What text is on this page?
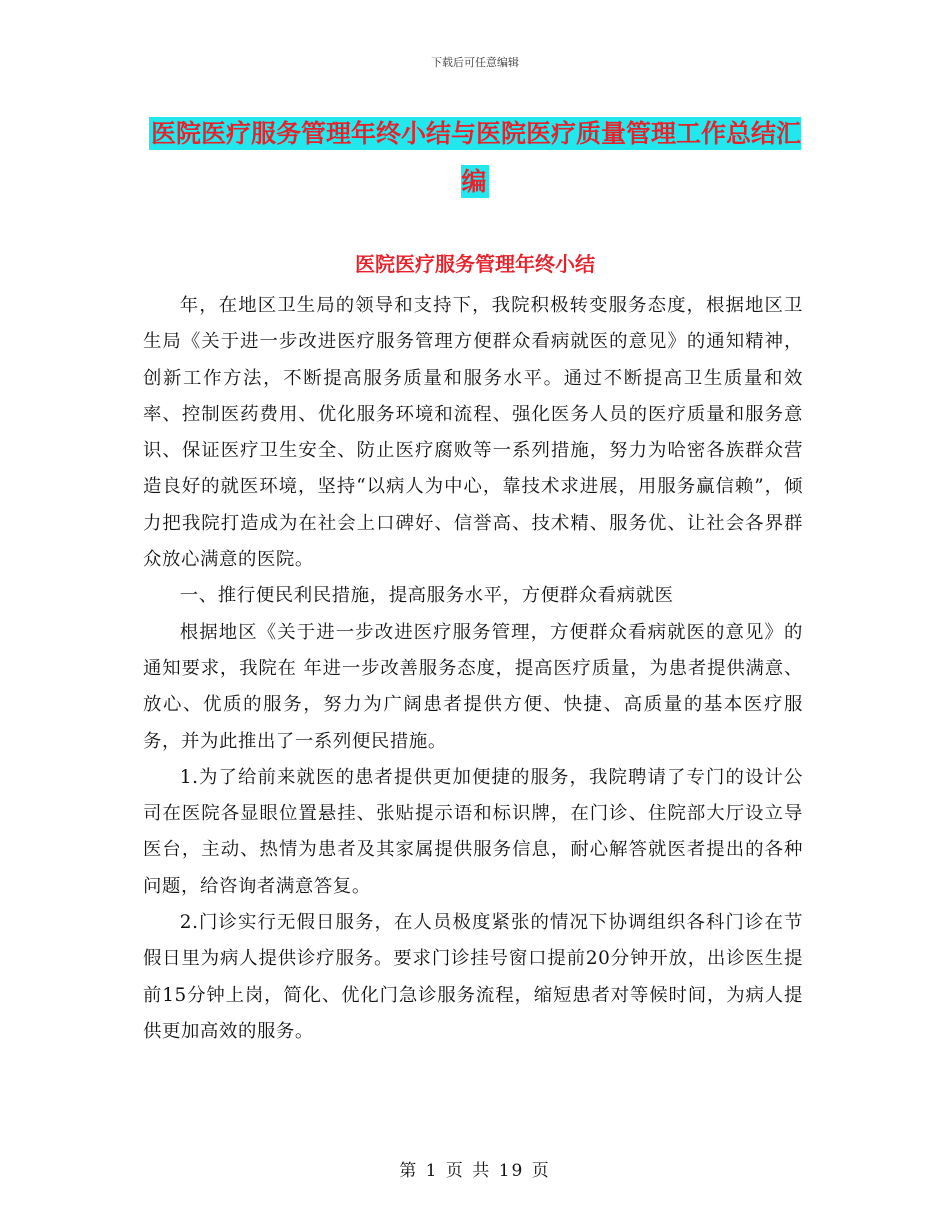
下载后可任意编辑
医院医疗服务管理年终小结与医院医疗质量管理工作总结汇编
医院医疗服务管理年终小结

年，在地区卫生局的领导和支持下，我院积极转变服务态度，根据地区卫生局《关于进一步改进医疗服务管理方便群众看病就医的意见》的通知精神，创新工作方法，不断提高服务质量和服务水平。通过不断提高卫生质量和效率、控制医药费用、优化服务环境和流程、强化医务人员的医疗质量和服务意识、保证医疗卫生安全、防止医疗腐败等一系列措施，努力为哈密各族群众营造良好的就医环境，坚持“以病人为中心，靠技术求进展，用服务赢信赖”，倾力把我院打造成为在社会上口碑好、信誉高、技术精、服务优、让社会各界群众放心满意的医院。

一、推行便民利民措施，提高服务水平，方便群众看病就医

根据地区《关于进一步改进医疗服务管理，方便群众看病就医的意见》的通知要求，我院在 年进一步改善服务态度，提高医疗质量，为患者提供满意、放心、优质的服务，努力为广阔患者提供方便、快捷、高质量的基本医疗服务，并为此推出了一系列便民措施。

1.为了给前来就医的患者提供更加便捷的服务，我院聘请了专门的设计公司在医院各显眼位置悬挂、张贴提示语和标识牌，在门诊、住院部大厅设立导医台，主动、热情为患者及其家属提供服务信息，耐心解答就医者提出的各种问题，给咨询者满意答复。

2.门诊实行无假日服务，在人员极度紧张的情况下协调组织各科门诊在节假日里为病人提供诊疗服务。要求门诊挂号窗口提前20分钟开放，出诊医生提前15分钟上岗，简化、优化门急诊服务流程，缩短患者对等候时间，为病人提供更加高效的服务。

第 1 页 共 19 页
